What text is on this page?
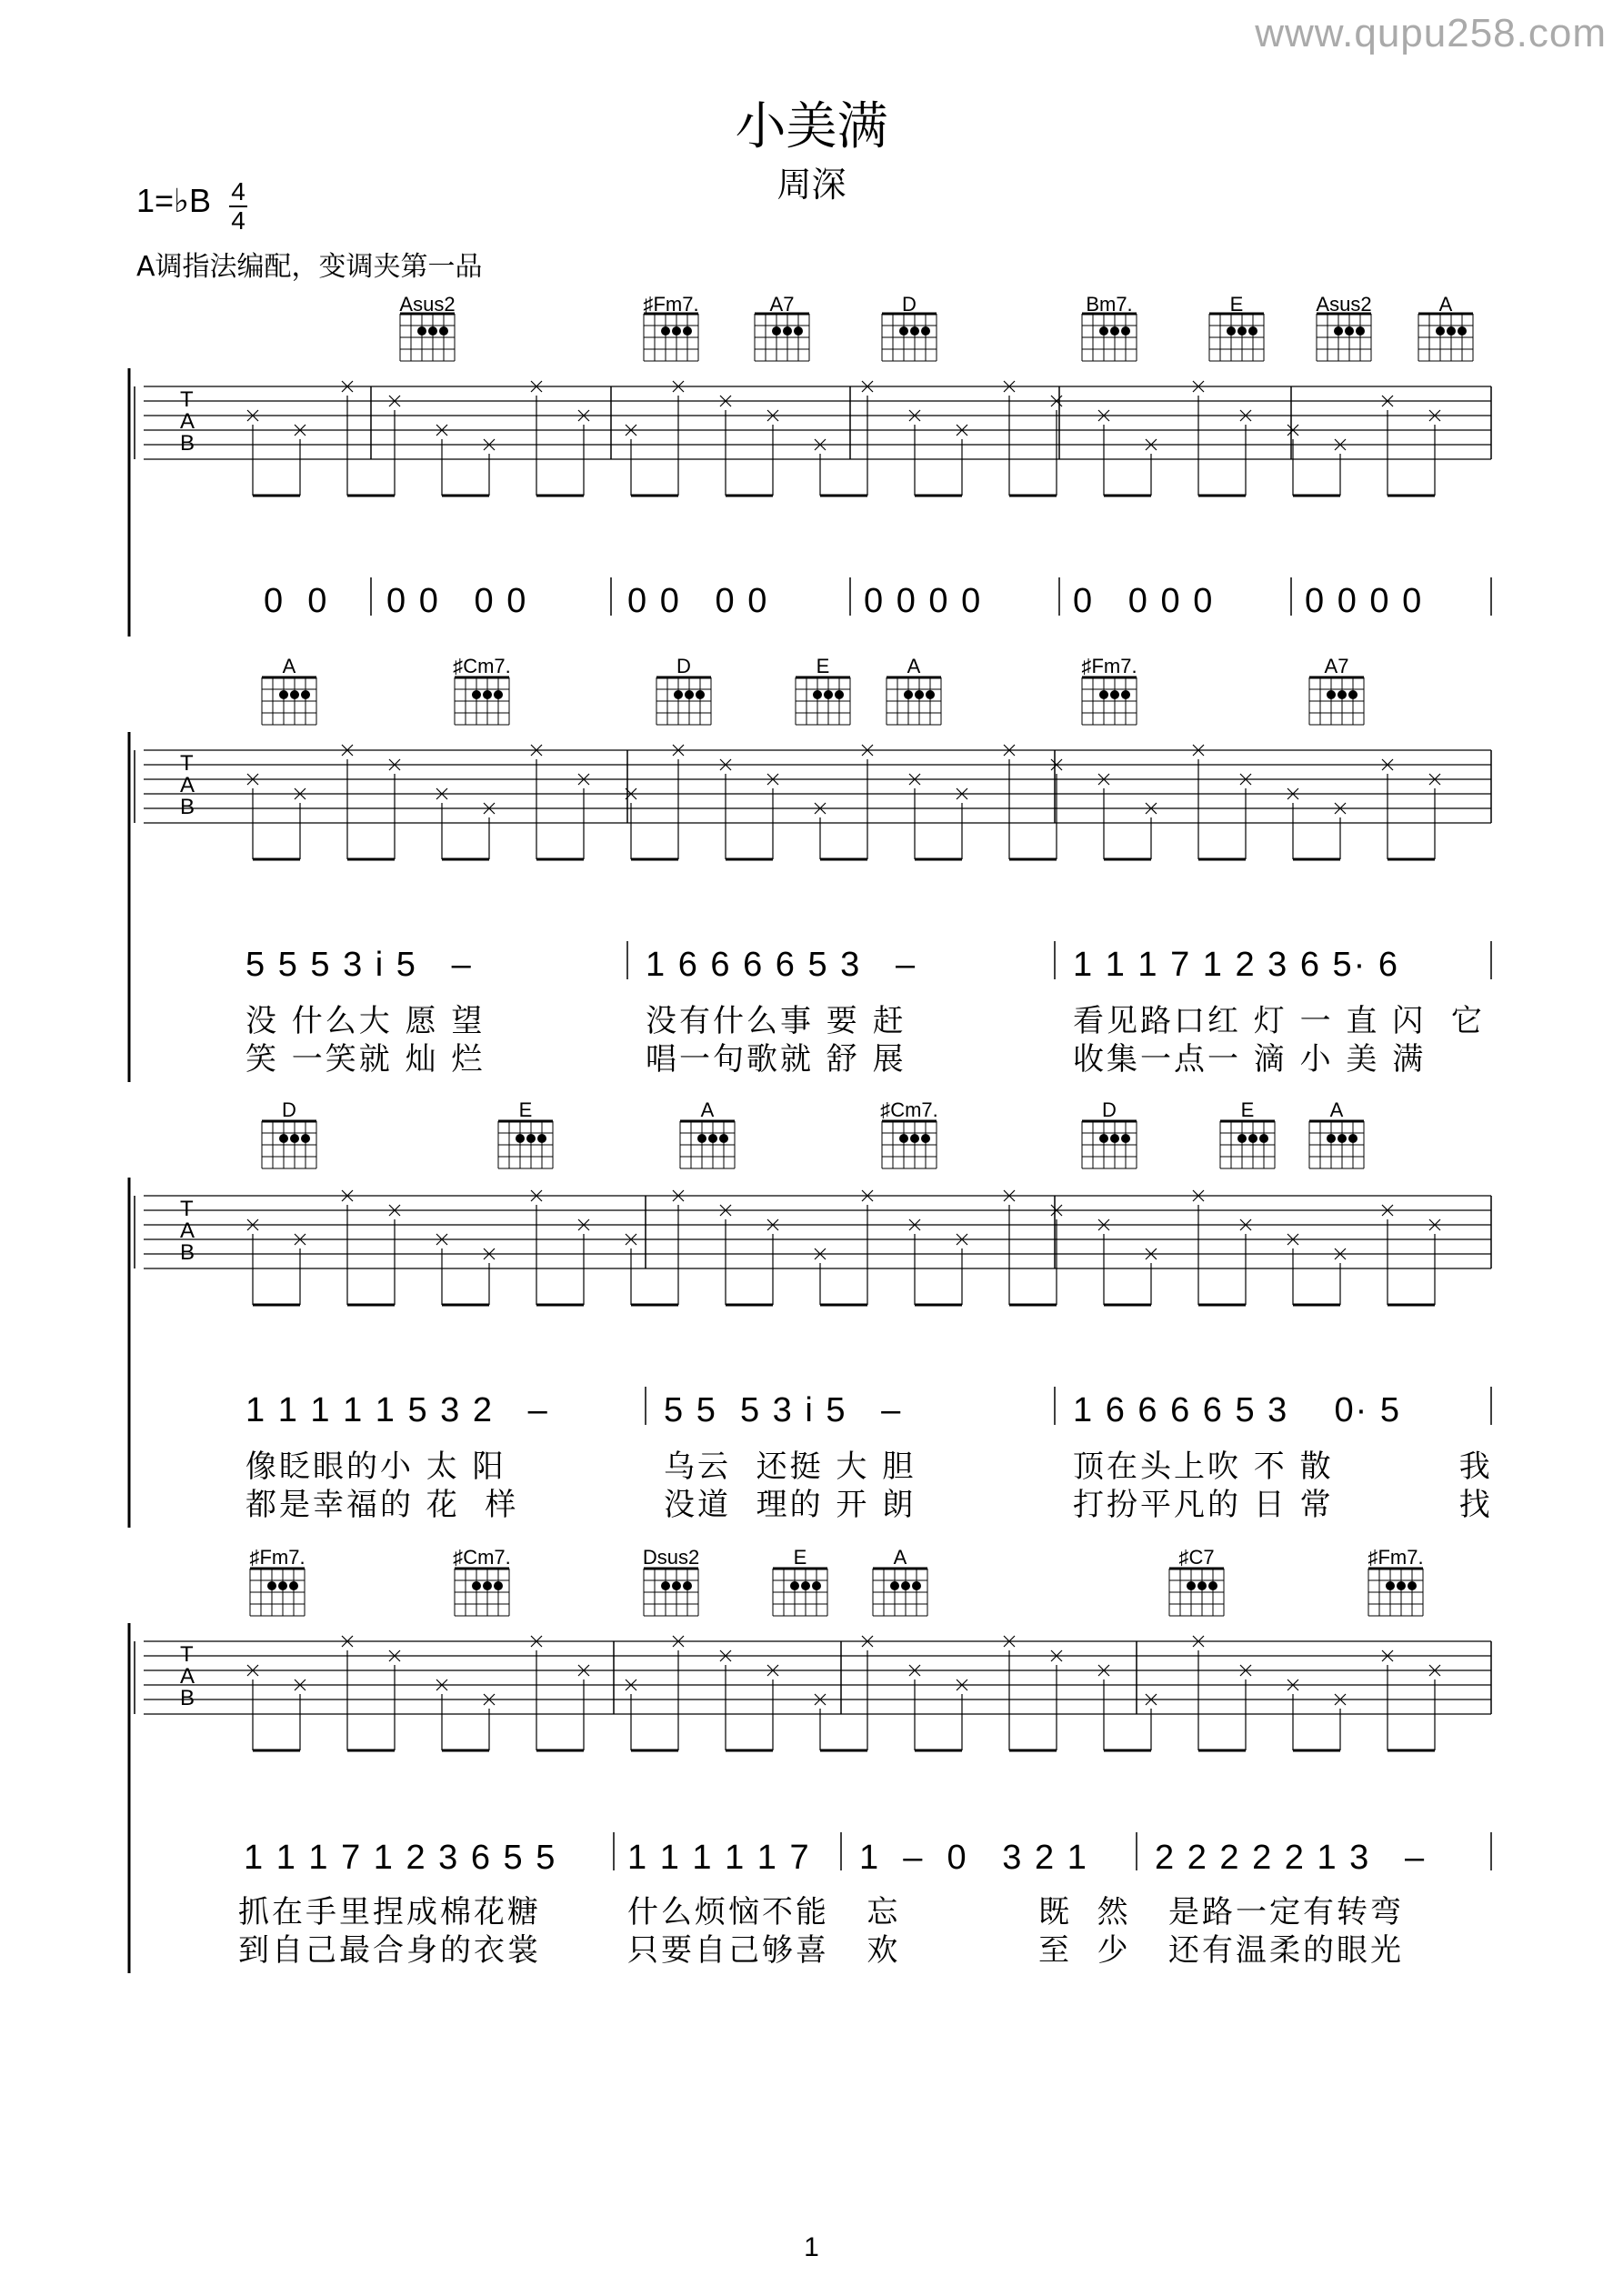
www.qupu258.com
小美满
周深
1=♭B 4
4
A调指法编配，变调夹第一品
Asus2	♯Fm7.	A7	D	Bm7.	E	Asus2	A
0  0 0 0   0 0	0 0   0 0	0 0 0 0	0   0 0 0	0 0 0 0
A	♯Cm7.	D	E	A	♯Fm7.	A7
5 5 5 3 i 5   –	1 6 6 6 6 5 3   –	1 1 1 7 1 2 3 6 5· 6
没 什么大 愿 望	没有什么事 要 赶	看见路口红 灯 一 直 闪  它
笑 一笑就 灿 烂	唱一句歌就 舒 展	收集一点一 滴 小 美 满
D	E	A	♯Cm7.	D	E	A
1 1 1 1 1 5 3 2   –	5 5  5 3 i 5   –	1 6 6 6 6 5 3    0· 5
像眨眼的小 太 阳	乌云  还挺 大 胆	顶在头上吹 不 散          我
都是幸福的 花  样	没道  理的 开 朗	打扮平凡的 日 常          找
♯Fm7.	♯Cm7.	Dsus2	E	A	♯C7	♯Fm7.
1 1 1 7 1 2 3 6 5 5 1 1 1 1 1 7 1  –  0   3 2 1 2 2 2 2 2 1 3   –
抓在手里捏成棉花糖	什么烦恼不能   忘	既  然   是路一定有转弯
到自己最合身的衣裳	只要自己够喜   欢	至  少   还有温柔的眼光
1
T
A
B
T
A
B
T
A
B
T
A
B
